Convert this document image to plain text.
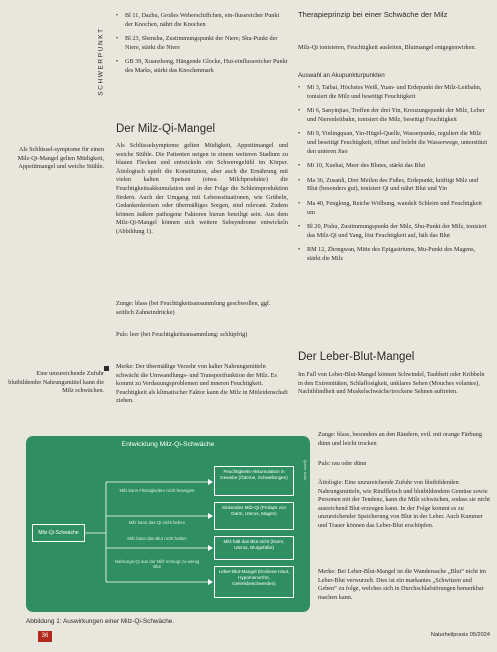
Als Schlüssel-symptome für einen Milz-Qi-Mangel gelten Müdigkeit, Appetitmangel und weiche Stühle.
Eine unzureichende Zufuhr blutbildender Nahrungsmittel kann die Milz schwächen.
SCHWERPUNKT
• Bl 11, Dazhu, Großes Weberschiffchen, ein-flussreicher Punkt der Knochen, nährt die Knochen
• Bl 23, Shenshu, Zustimmungspunkt der Niere; Shu-Punkt der Niere, stärkt die Niere
• GB 39, Xuanzhong, Hängende Glocke, Hui-einflussreicher Punkt des Marks, stärkt das Knochenmark
Der Milz-Qi-Mangel
Als Schlüsselsymptome gelten Müdigkeit, Appetitmangel und weiche Stühle. Die Patienten neigen in einem weiteren Stadium zu blauen Flecken und entwickeln ein Schweregefühl im Körper. Ätiologisch spielt die Konstitution, aber auch die Ernährung mit vielen kalten Speisen (etwa Milchprodukte) die Feuchtigkeitsakkumulation und in der Folge die Schleimproduktion fördern. Auch der Umgang mit Lebenssituationen, wie Grübeln, Gedankenkreisen oder übermäßiges Sorgen, sind relevant. Zudem können äußere pathogene Faktoren hieran beteiligt sein. Aus dem Milz-Qi-Mangel können sich weitere Subsyndrome entwickeln (Abbildung 1).
Zunge: blass (bei Feuchtigkeitsansammlung geschwollen, ggf. seitlich Zahneindrücke)
Puls: leer (bei Feuchtigkeitsansammlung: schlüpfrig)
Merke: Der übermäßige Verzehr von kalter Nahrungsmitteln schwächt die Umwandlungs- und Transportfunktion der Milz. Es kommt zu Verdauungsproblemen und inneren Feuchtigkeit. Feuchtigkeit als klimatischer Faktor kann die Milz in Mitleidenschaft ziehen.
Therapieprinzip bei einer Schwäche der Milz
Milz-Qi tonisieren, Feuchtigkeit ausleiten, Blutmangel entgegenwirken.
Auswahl an Akupunkturpunkten
• Mi 3, Taibai, Höchstes Weiß, Yuan- und Erdepunkt der Milz-Leitbahn, tonisiert die Milz und beseitigt Feuchtigkeit
• Mi 6, Sanyinjiao, Treffen der drei Yin, Kreuzungspunkt der Milz, Leber und Nierenleitbahn, tonisiert die Milz, beseitigt Feuchtigkeit
• Mi 9, Yinlingquan, Yin-Hügel-Quelle, Wasserpunkt, reguliert die Milz und beseitigt Feuchtigkeit, öffnet und belebt die Wasserwege, unterstützt den unteren Jiao
• Mi 10, Xuehai, Meer des Blutes, stärkt das Blut
• Ma 36, Zusanli, Drei Meilen des Fußes, Erdepunkt, kräftigt Milz und Blut (besonders gut), tonisiert Qi und nährt Blut und Yin
• Ma 40, Fenglong, Reiche Wölbung, wandelt Schleim und Feuchtigkeit um
• Bl 20, Pishu, Zustimmungspunkt der Milz, Shu-Punkt der Milz, tonisiert das Milz-Qi und Yang, löst Feuchtigkeit auf, hält das Blut
• RM 12, Zhongwan, Mitte des Epigastriums, Mu-Punkt des Magens, stärkt die Milz
Der Leber-Blut-Mangel
Im Fall von Leber-Blut-Mangel können Schwindel, Taubheit oder Kribbeln in den Extremitäten, Schlaflosigkeit, unklares Sehen (Mouches volantes), Nachtblindheit und Muskelschwäche/trockene Sehnen auftreten.
Zunge: blass, besonders an den Rändern, evtl. mit orange Färbung dünn und leicht trocken
Puls: rau oder dünn
Ätiologie: Eine unzureichende Zufuhr von blutbildenden Nahrungsmitteln, wie Rindfleisch und blutbildendem Gemüse sowie Personen mit der Tendenz, kann die Milz schwächen, sodass sie nicht ausreichend Blut erzeugen kann. In der Folge kommt es zu unzureichender Speicherung von Blut in der Leber. Auch Kummer und Trauer können das Leber-Blut erschöpfen.
Merke: Bei Leber-Blut-Mangel ist die Wandersache „Blut“ nicht im Leber-Blut verwurzelt. Dies ist ein markantes „Schwitzen und Geben“ zu folge, welches sich in Durchschlafstörungen bemerkbar machen kann.
Entwicklung Milz-Qi-Schwäche
Quelle: Autor
Milz-Qi-Schwäche
Milz kann Flüssigkeiten nicht bewegen
Milz kann das Qi nicht heben
Milz kann das Blut nicht halten
Nahrungs-Qi aus der Milz erzeugt zu wenig Blut
Feuchtigkeits-Akkumulation in Gewebe (Ödeme, Schwellungen)
Sinkendes Milz-Qi (Prolaps von Darm, Uterus, Magen)
Milz hält das Blut nicht (Darm, Uterus, Blutgefäße)
Leber-Blut-Mangel (trockene Haut, Hypomenorrhö, Gelenkbeschwerden)
Abbildung 1: Auswirkungen einer Milz-Qi-Schwäche.
36	Naturheilpraxis 05/2024
